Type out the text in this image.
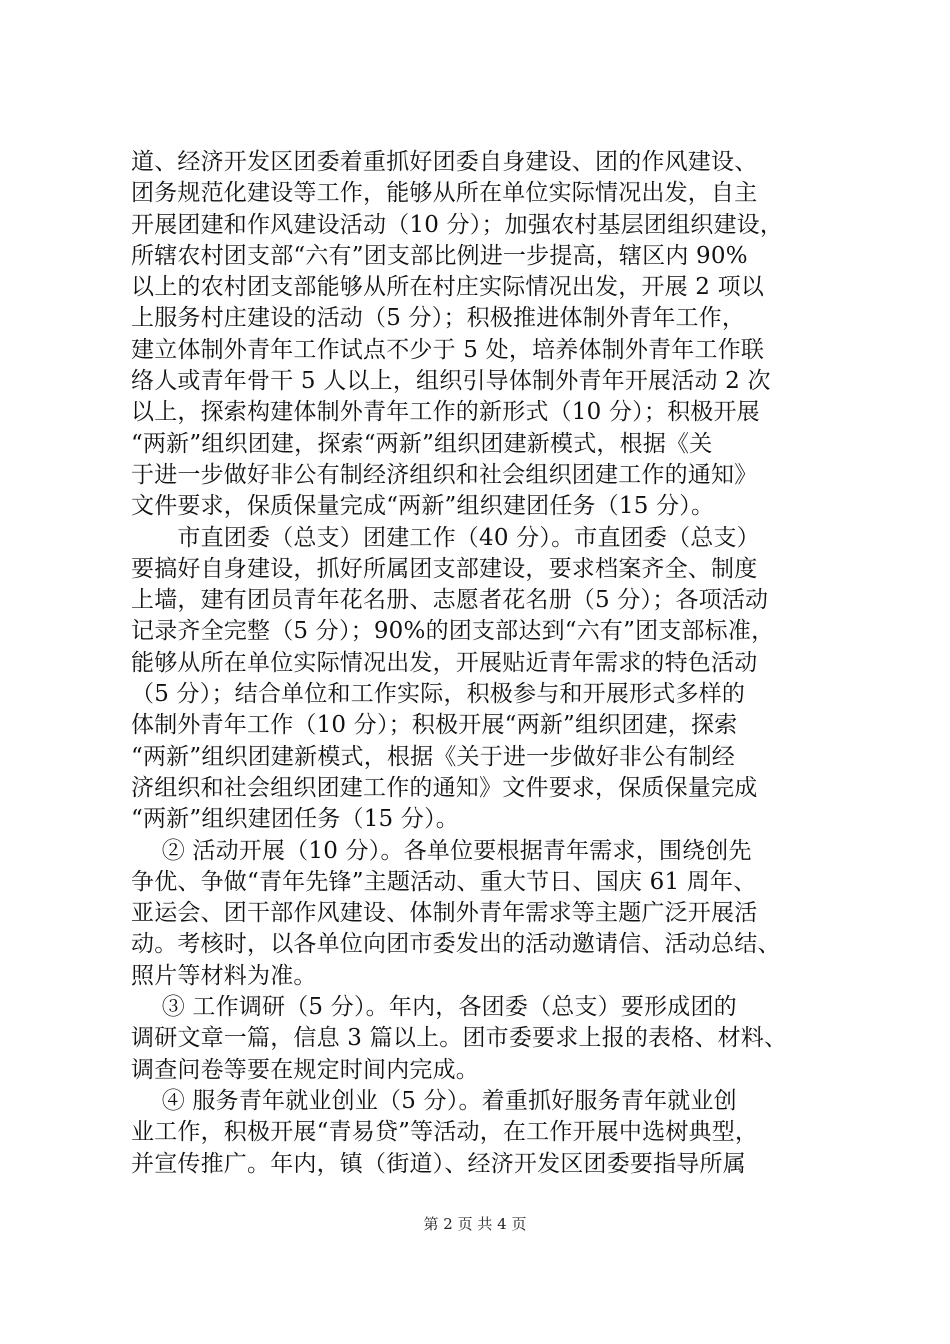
道、经济开发区团委着重抓好团委自身建设、团的作风建设、
团务规范化建设等工作，能够从所在单位实际情况出发，自主
开展团建和作风建设活动（10 分）；加强农村基层团组织建设，
所辖农村团支部“六有”团支部比例进一步提高，辖区内 90%
以上的农村团支部能够从所在村庄实际情况出发，开展 2 项以
上服务村庄建设的活动（5 分）；积极推进体制外青年工作，
建立体制外青年工作试点不少于 5 处，培养体制外青年工作联
络人或青年骨干 5 人以上，组织引导体制外青年开展活动 2 次
以上，探索构建体制外青年工作的新形式（10 分）；积极开展
“两新”组织团建，探索“两新”组织团建新模式，根据《关
于进一步做好非公有制经济组织和社会组织团建工作的通知》
文件要求，保质保量完成“两新”组织建团任务（15 分）。
　　市直团委（总支）团建工作（40 分）。市直团委（总支）
要搞好自身建设，抓好所属团支部建设，要求档案齐全、制度
上墙，建有团员青年花名册、志愿者花名册（5 分）；各项活动
记录齐全完整（5 分）；90%的团支部达到“六有”团支部标准，
能够从所在单位实际情况出发，开展贴近青年需求的特色活动
（5 分）；结合单位和工作实际，积极参与和开展形式多样的
体制外青年工作（10 分）；积极开展“两新”组织团建，探索
“两新”组织团建新模式，根据《关于进一步做好非公有制经
济组织和社会组织团建工作的通知》文件要求，保质保量完成
“两新”组织建团任务（15 分）。
　 ② 活动开展（10 分）。各单位要根据青年需求，围绕创先
争优、争做“青年先锋”主题活动、重大节日、国庆 61 周年、
亚运会、团干部作风建设、体制外青年需求等主题广泛开展活
动。考核时，以各单位向团市委发出的活动邀请信、活动总结、
照片等材料为准。
　 ③ 工作调研（5 分）。年内，各团委（总支）要形成团的
调研文章一篇，信息 3 篇以上。团市委要求上报的表格、材料、
调查问卷等要在规定时间内完成。
　 ④ 服务青年就业创业（5 分）。着重抓好服务青年就业创
业工作，积极开展“青易贷”等活动，在工作开展中选树典型，
并宣传推广。年内，镇（街道）、经济开发区团委要指导所属
第 2 页 共 4 页
